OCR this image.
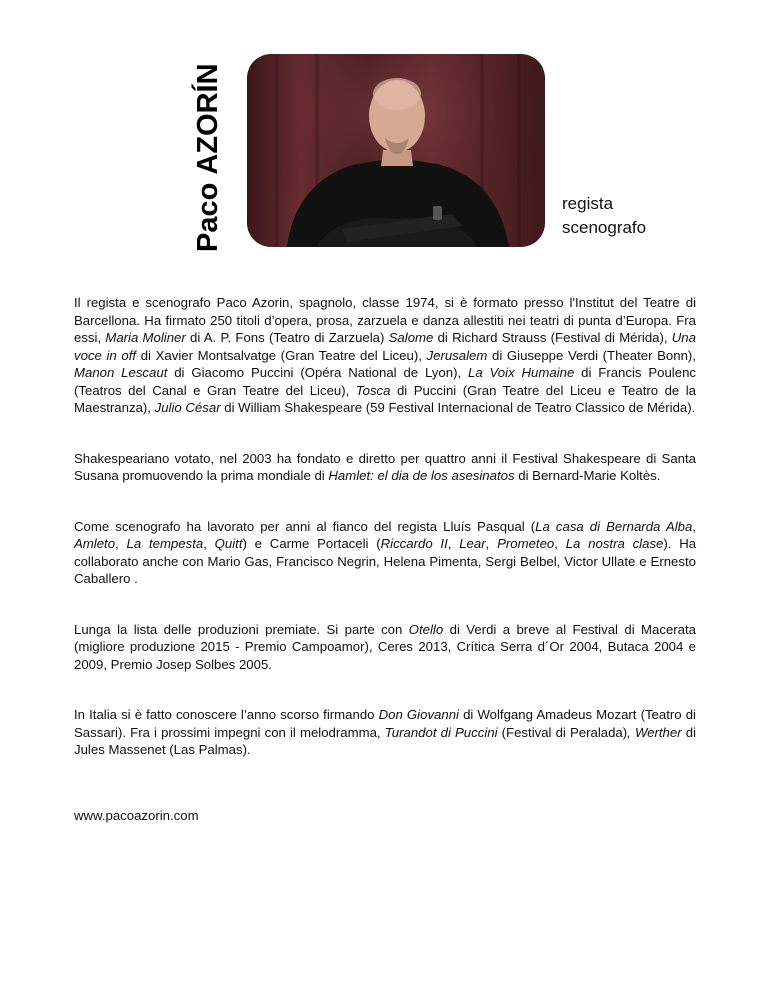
Paco AZORÍN
regista
scenografo

Il regista e scenografo Paco Azorin, spagnolo, classe 1974, si è formato presso l'Institut del Teatre di Barcellona. Ha firmato 250 titoli d’opera, prosa, zarzuela e danza allestiti nei teatri di punta d’Europa. Fra essi, Maria Moliner di A. P. Fons (Teatro di Zarzuela) Salome di Richard Strauss (Festival di Mérida), Una voce in off di Xavier Montsalvatge (Gran Teatre del Liceu), Jerusalem di Giuseppe Verdi (Theater Bonn), Manon Lescaut di Giacomo Puccini (Opéra National de Lyon), La Voix Humaine di Francis Poulenc (Teatros del Canal e Gran Teatre del Liceu), Tosca di Puccini (Gran Teatre del Liceu e Teatro de la Maestranza), Julio César di William Shakespeare (59 Festival Internacional de Teatro Classico de Mérida).

Shakespeariano votato, nel 2003 ha fondato e diretto per quattro anni il Festival Shakespeare di Santa Susana promuovendo la prima mondiale di Hamlet: el dia de los asesinatos di Bernard-Marie Koltès.

Come scenografo ha lavorato per anni al fianco del regista Lluís Pasqual (La casa di Bernarda Alba, Amleto, La tempesta, Quitt) e Carme Portaceli (Riccardo II, Lear, Prometeo, La nostra clase). Ha collaborato anche con Mario Gas, Francisco Negrin, Helena Pimenta, Sergi Belbel, Victor Ullate e Ernesto Caballero .

Lunga la lista delle produzioni premiate. Si parte con Otello di Verdi a breve al Festival di Macerata (migliore produzione 2015 - Premio Campoamor), Ceres 2013, Crítica Serra d´Or 2004, Butaca 2004 e 2009, Premio Josep Solbes 2005.

In Italia si è fatto conoscere l’anno scorso firmando Don Giovanni di Wolfgang Amadeus Mozart (Teatro di Sassari). Fra i prossimi impegni con il melodramma, Turandot di Puccini (Festival di Peralada), Werther di Jules Massenet (Las Palmas).

www.pacoazorin.com
